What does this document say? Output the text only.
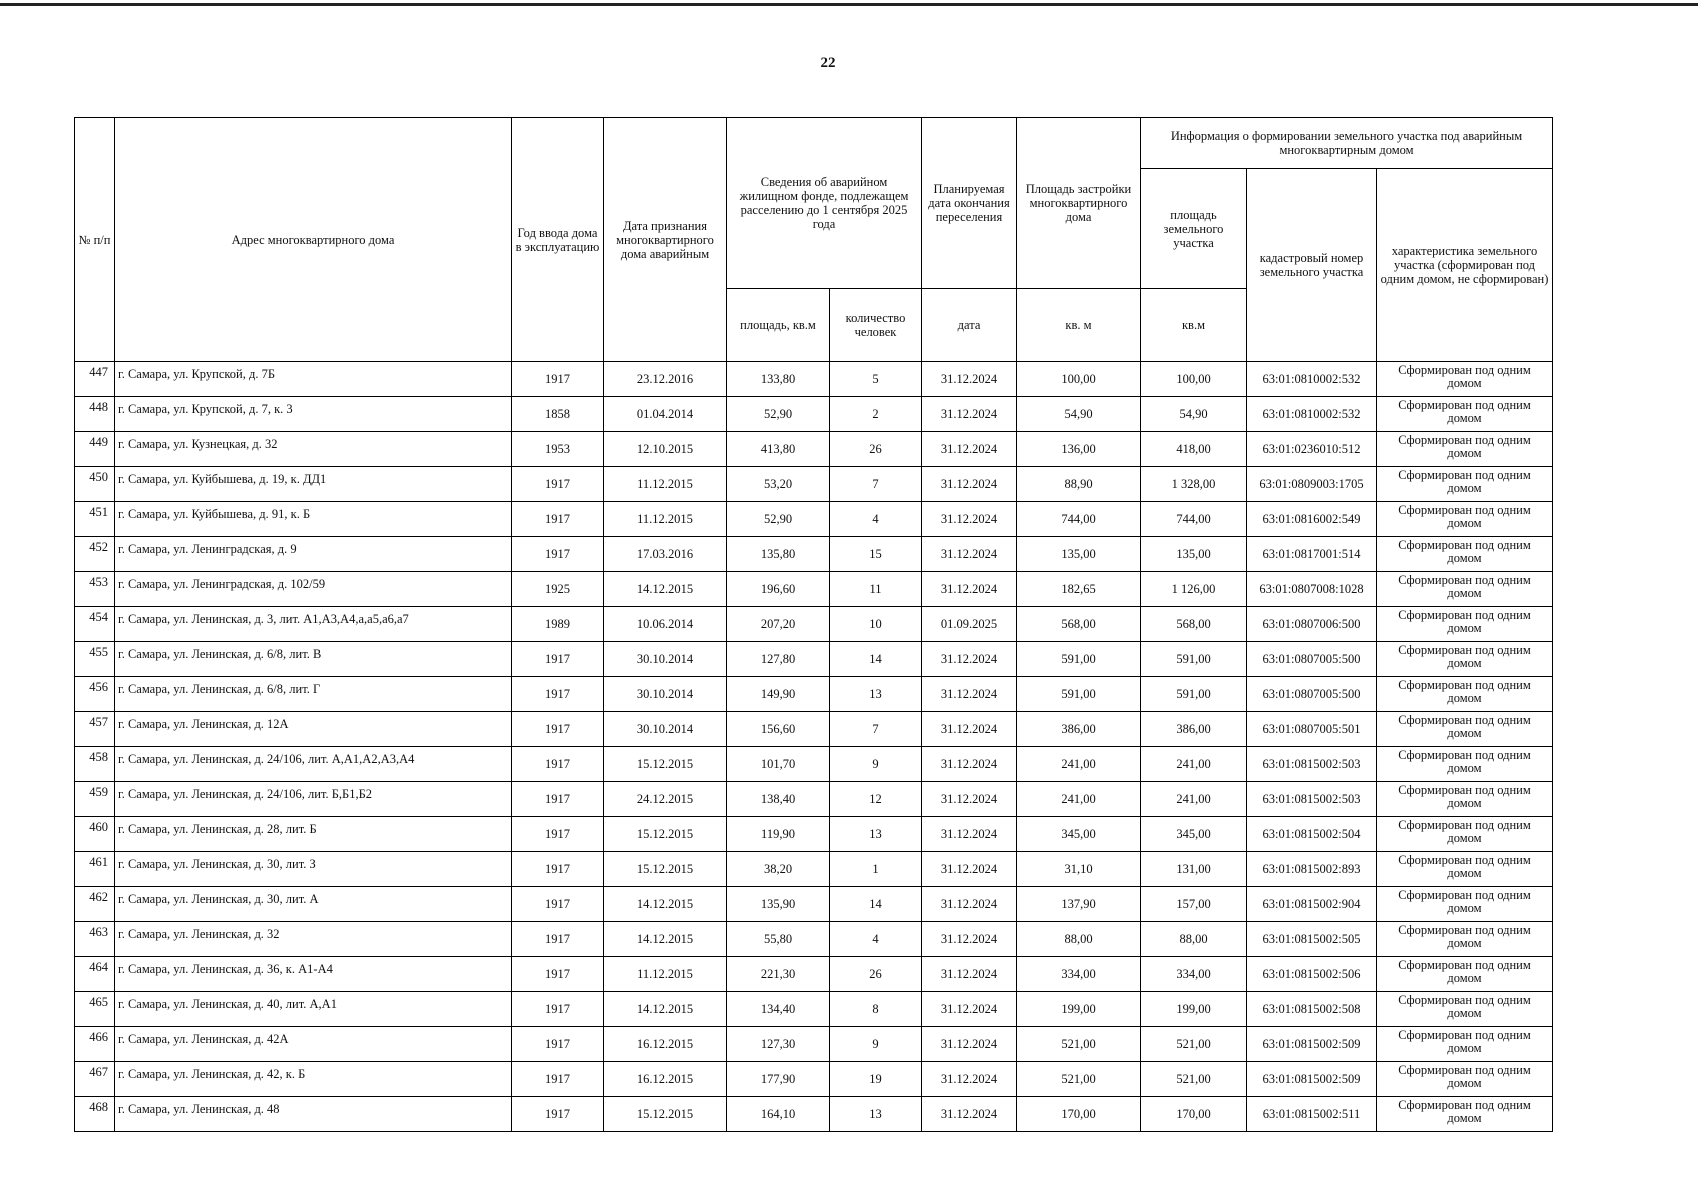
22
№ п/п	Адрес многоквартирного дома	Год ввода дома в эксплуатацию	Дата признания многоквартирного дома аварийным	Сведения об аварийном жилищном фонде, подлежащем расселению до 1 сентября 2025 года		Планируемая дата окончания переселения	Площадь застройки многоквартирного дома	Информация о формировании земельного участка под аварийным многоквартирным домом		
								площадь земельного участка	кадастровый номер земельного участка	характеристика земельного участка (сформирован под одним домом, не сформирован)
				площадь, кв.м	количество человек	дата	кв. м	кв.м		
447	г. Самара, ул. Крупской, д. 7Б	1917	23.12.2016	133,80	5	31.12.2024	100,00	100,00	63:01:0810002:532	Сформирован под одним домом
448	г. Самара, ул. Крупской, д. 7, к. 3	1858	01.04.2014	52,90	2	31.12.2024	54,90	54,90	63:01:0810002:532	Сформирован под одним домом
449	г. Самара, ул. Кузнецкая, д. 32	1953	12.10.2015	413,80	26	31.12.2024	136,00	418,00	63:01:0236010:512	Сформирован под одним домом
450	г. Самара, ул. Куйбышева, д. 19, к. ДД1	1917	11.12.2015	53,20	7	31.12.2024	88,90	1 328,00	63:01:0809003:1705	Сформирован под одним домом
451	г. Самара, ул. Куйбышева, д. 91, к. Б	1917	11.12.2015	52,90	4	31.12.2024	744,00	744,00	63:01:0816002:549	Сформирован под одним домом
452	г. Самара, ул. Ленинградская, д. 9	1917	17.03.2016	135,80	15	31.12.2024	135,00	135,00	63:01:0817001:514	Сформирован под одним домом
453	г. Самара, ул. Ленинградская, д. 102/59	1925	14.12.2015	196,60	11	31.12.2024	182,65	1 126,00	63:01:0807008:1028	Сформирован под одним домом
454	г. Самара, ул. Ленинская, д. 3, лит. А1,А3,А4,а,а5,а6,а7	1989	10.06.2014	207,20	10	01.09.2025	568,00	568,00	63:01:0807006:500	Сформирован под одним домом
455	г. Самара, ул. Ленинская, д. 6/8, лит. В	1917	30.10.2014	127,80	14	31.12.2024	591,00	591,00	63:01:0807005:500	Сформирован под одним домом
456	г. Самара, ул. Ленинская, д. 6/8, лит. Г	1917	30.10.2014	149,90	13	31.12.2024	591,00	591,00	63:01:0807005:500	Сформирован под одним домом
457	г. Самара, ул. Ленинская, д. 12А	1917	30.10.2014	156,60	7	31.12.2024	386,00	386,00	63:01:0807005:501	Сформирован под одним домом
458	г. Самара, ул. Ленинская, д. 24/106, лит. А,А1,А2,А3,А4	1917	15.12.2015	101,70	9	31.12.2024	241,00	241,00	63:01:0815002:503	Сформирован под одним домом
459	г. Самара, ул. Ленинская, д. 24/106, лит. Б,Б1,Б2	1917	24.12.2015	138,40	12	31.12.2024	241,00	241,00	63:01:0815002:503	Сформирован под одним домом
460	г. Самара, ул. Ленинская, д. 28, лит. Б	1917	15.12.2015	119,90	13	31.12.2024	345,00	345,00	63:01:0815002:504	Сформирован под одним домом
461	г. Самара, ул. Ленинская, д. 30, лит. З	1917	15.12.2015	38,20	1	31.12.2024	31,10	131,00	63:01:0815002:893	Сформирован под одним домом
462	г. Самара, ул. Ленинская, д. 30, лит. А	1917	14.12.2015	135,90	14	31.12.2024	137,90	157,00	63:01:0815002:904	Сформирован под одним домом
463	г. Самара, ул. Ленинская, д. 32	1917	14.12.2015	55,80	4	31.12.2024	88,00	88,00	63:01:0815002:505	Сформирован под одним домом
464	г. Самара, ул. Ленинская, д. 36, к. А1-А4	1917	11.12.2015	221,30	26	31.12.2024	334,00	334,00	63:01:0815002:506	Сформирован под одним домом
465	г. Самара, ул. Ленинская, д. 40, лит. А,А1	1917	14.12.2015	134,40	8	31.12.2024	199,00	199,00	63:01:0815002:508	Сформирован под одним домом
466	г. Самара, ул. Ленинская, д. 42А	1917	16.12.2015	127,30	9	31.12.2024	521,00	521,00	63:01:0815002:509	Сформирован под одним домом
467	г. Самара, ул. Ленинская, д. 42, к. Б	1917	16.12.2015	177,90	19	31.12.2024	521,00	521,00	63:01:0815002:509	Сформирован под одним домом
468	г. Самара, ул. Ленинская, д. 48	1917	15.12.2015	164,10	13	31.12.2024	170,00	170,00	63:01:0815002:511	Сформирован под одним домом
